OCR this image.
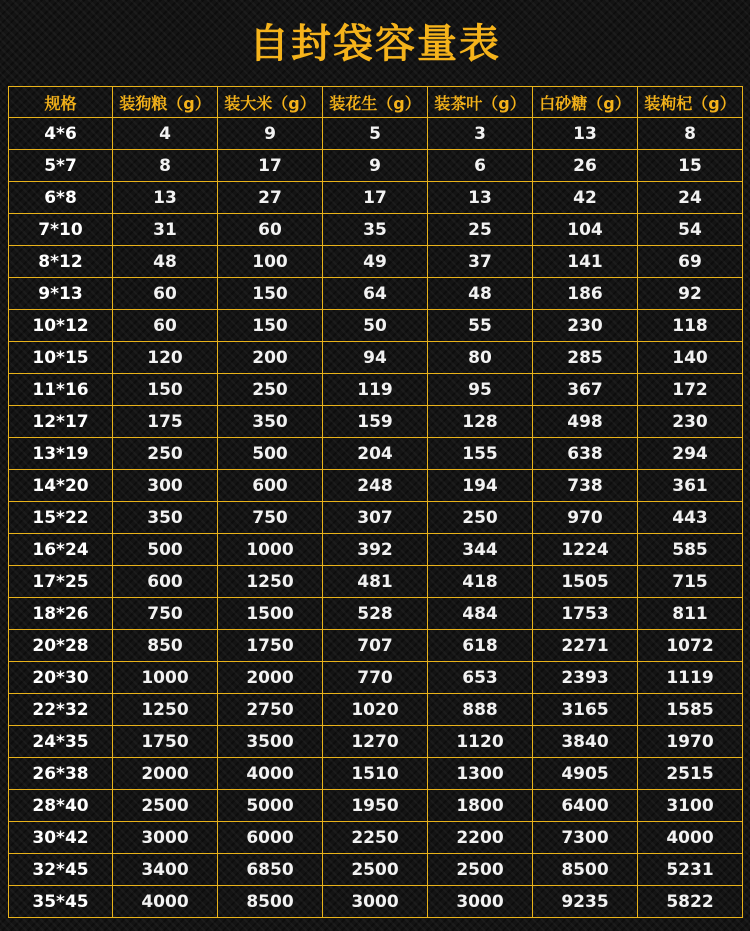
自封袋容量表
规格	装狗粮（g）	装大米（g）	装花生（g）	装茶叶（g）	白砂糖（g）	装枸杞（g）
4*6	4	9	5	3	13	8
5*7	8	17	9	6	26	15
6*8	13	27	17	13	42	24
7*10	31	60	35	25	104	54
8*12	48	100	49	37	141	69
9*13	60	150	64	48	186	92
10*12	60	150	50	55	230	118
10*15	120	200	94	80	285	140
11*16	150	250	119	95	367	172
12*17	175	350	159	128	498	230
13*19	250	500	204	155	638	294
14*20	300	600	248	194	738	361
15*22	350	750	307	250	970	443
16*24	500	1000	392	344	1224	585
17*25	600	1250	481	418	1505	715
18*26	750	1500	528	484	1753	811
20*28	850	1750	707	618	2271	1072
20*30	1000	2000	770	653	2393	1119
22*32	1250	2750	1020	888	3165	1585
24*35	1750	3500	1270	1120	3840	1970
26*38	2000	4000	1510	1300	4905	2515
28*40	2500	5000	1950	1800	6400	3100
30*42	3000	6000	2250	2200	7300	4000
32*45	3400	6850	2500	2500	8500	5231
35*45	4000	8500	3000	3000	9235	5822
